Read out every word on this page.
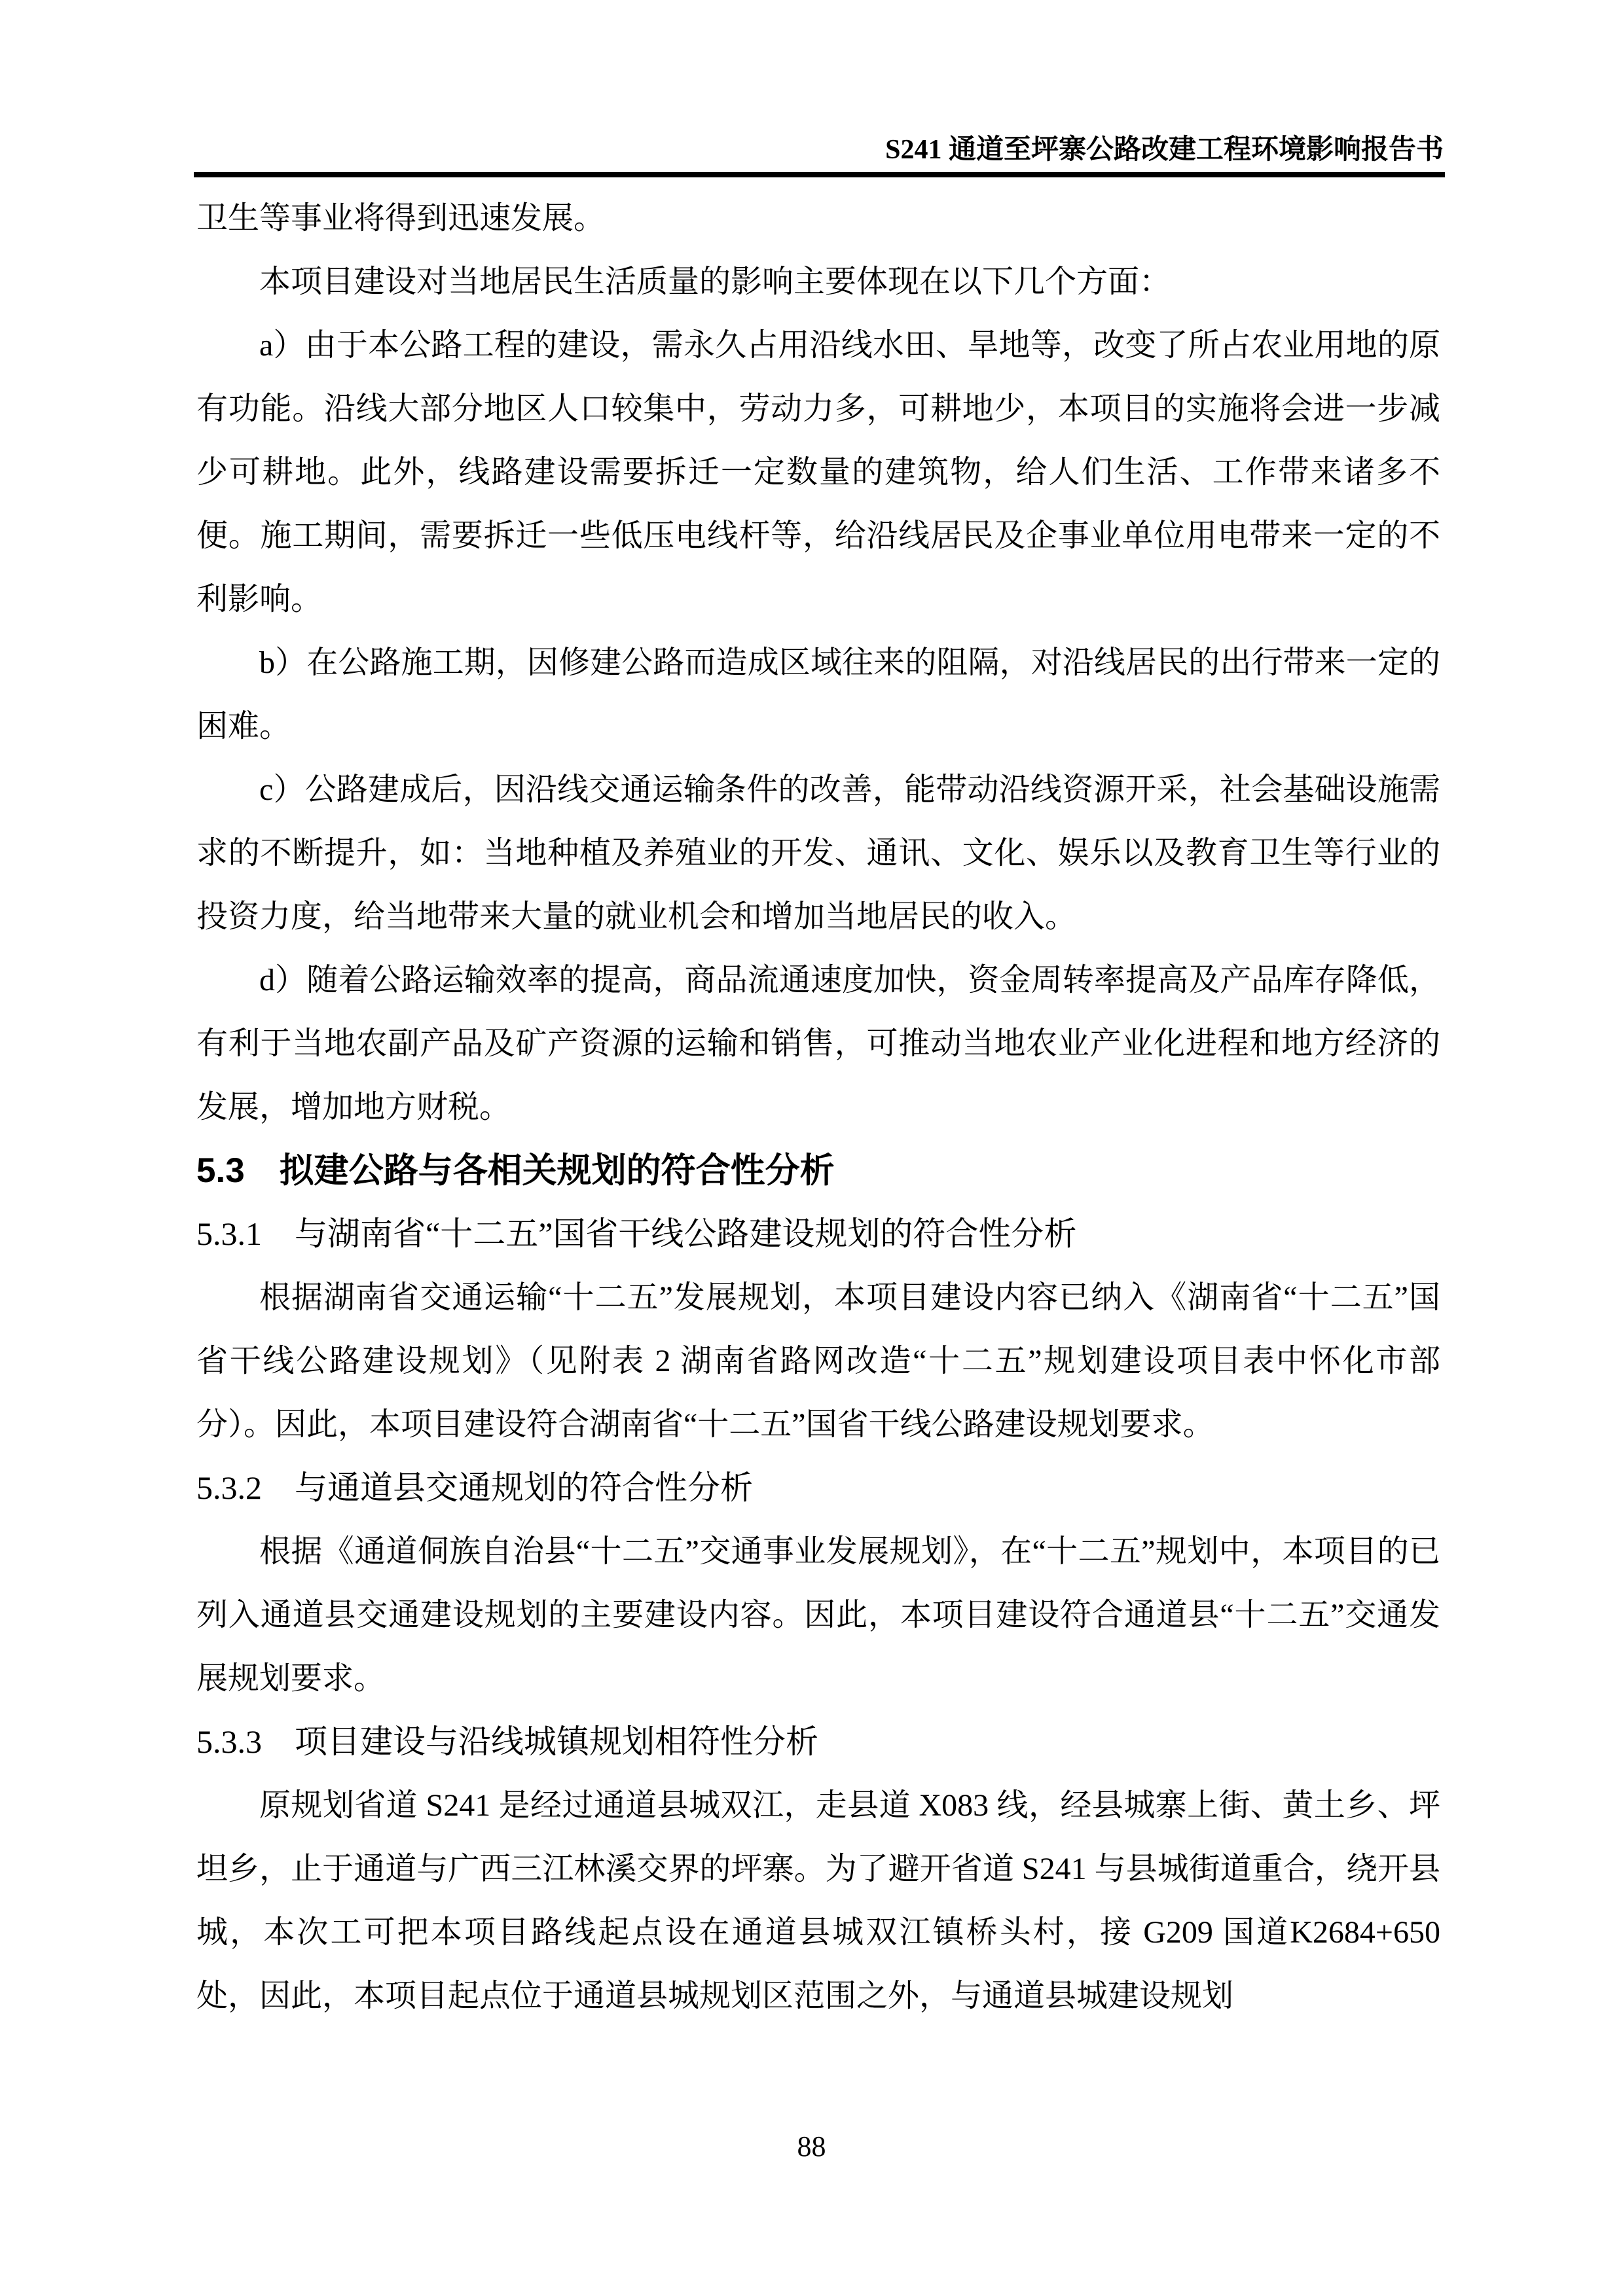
S241 通道至坪寨公路改建工程环境影响报告书

卫生等事业将得到迅速发展。

本项目建设对当地居民生活质量的影响主要体现在以下几个方面：

a）由于本公路工程的建设，需永久占用沿线水田、旱地等，改变了所占农业用地的原有功能。沿线大部分地区人口较集中，劳动力多，可耕地少，本项目的实施将会进一步减少可耕地。此外，线路建设需要拆迁一定数量的建筑物，给人们生活、工作带来诸多不便。施工期间，需要拆迁一些低压电线杆等，给沿线居民及企事业单位用电带来一定的不利影响。

b）在公路施工期，因修建公路而造成区域往来的阻隔，对沿线居民的出行带来一定的困难。

c）公路建成后，因沿线交通运输条件的改善，能带动沿线资源开采，社会基础设施需求的不断提升，如：当地种植及养殖业的开发、通讯、文化、娱乐以及教育卫生等行业的投资力度，给当地带来大量的就业机会和增加当地居民的收入。

d）随着公路运输效率的提高，商品流通速度加快，资金周转率提高及产品库存降低，有利于当地农副产品及矿产资源的运输和销售，可推动当地农业产业化进程和地方经济的发展，增加地方财税。

5.3　拟建公路与各相关规划的符合性分析
5.3.1　与湖南省“十二五”国省干线公路建设规划的符合性分析

根据湖南省交通运输“十二五”发展规划，本项目建设内容已纳入《湖南省“十二五”国省干线公路建设规划》（见附表 2 湖南省路网改造“十二五”规划建设项目表中怀化市部分）。因此，本项目建设符合湖南省“十二五”国省干线公路建设规划要求。

5.3.2　与通道县交通规划的符合性分析

根据《通道侗族自治县“十二五”交通事业发展规划》，在“十二五”规划中，本项目的已列入通道县交通建设规划的主要建设内容。因此，本项目建设符合通道县“十二五”交通发展规划要求。

5.3.3　项目建设与沿线城镇规划相符性分析

原规划省道 S241 是经过通道县城双江，走县道 X083 线，经县城寨上街、黄土乡、坪坦乡，止于通道与广西三江林溪交界的坪寨。为了避开省道 S241 与县城街道重合，绕开县城，本次工可把本项目路线起点设在通道县城双江镇桥头村，接 G209 国道K2684+650 处，因此，本项目起点位于通道县城规划区范围之外，与通道县城建设规划

88
